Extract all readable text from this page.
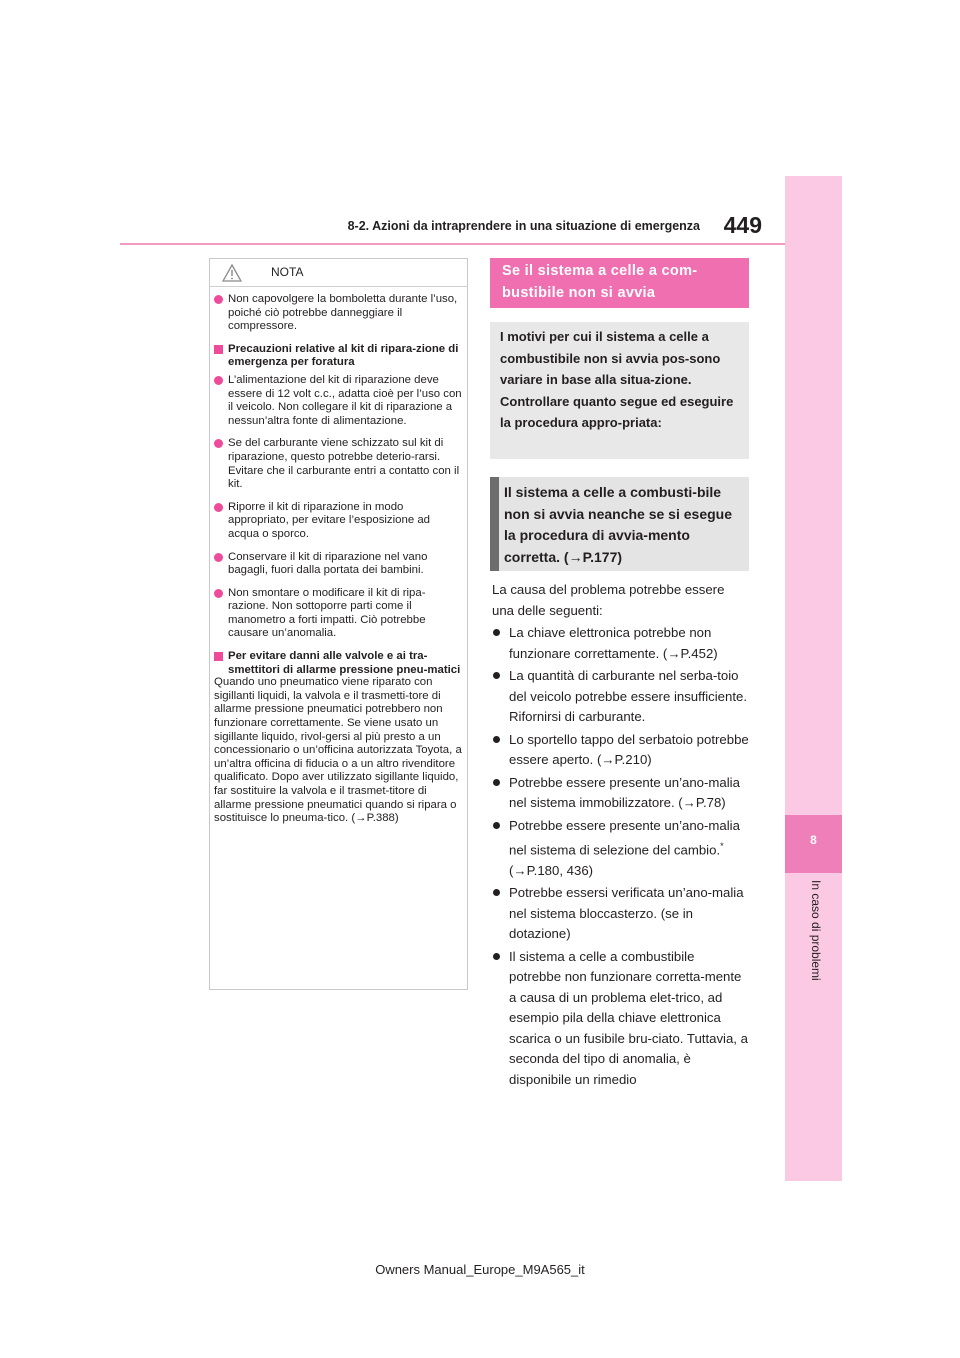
8-2. Azioni da intraprendere in una situazione di emergenza	449
8
In caso di problemi
NOTA
Non capovolgere la bomboletta durante l’uso, poiché ciò potrebbe danneggiare il compressore.
Precauzioni relative al kit di ripara-zione di emergenza per foratura
L’alimentazione del kit di riparazione deve essere di 12 volt c.c., adatta cioè per l’uso con il veicolo. Non collegare il kit di riparazione a nessun’altra fonte di alimentazione.
Se del carburante viene schizzato sul kit di riparazione, questo potrebbe deterio-rarsi. Evitare che il carburante entri a contatto con il kit.
Riporre il kit di riparazione in modo appropriato, per evitare l’esposizione ad acqua o sporco.
Conservare il kit di riparazione nel vano bagagli, fuori dalla portata dei bambini.
Non smontare o modificare il kit di ripa-razione. Non sottoporre parti come il manometro a forti impatti. Ciò potrebbe causare un’anomalia.
Per evitare danni alle valvole e ai tra-smettitori di allarme pressione pneu-matici
Quando uno pneumatico viene riparato con sigillanti liquidi, la valvola e il trasmetti-tore di allarme pressione pneumatici potrebbero non funzionare correttamente. Se viene usato un sigillante liquido, rivol-gersi al più presto a un concessionario o un’officina autorizzata Toyota, a un’altra officina di fiducia o a un altro rivenditore qualificato. Dopo aver utilizzato sigillante liquido, far sostituire la valvola e il trasmet-titore di allarme pressione pneumatici quando si ripara o sostituisce lo pneuma-tico. (→P.388)
Se il sistema a celle a com-bustibile non si avvia
I motivi per cui il sistema a celle a combustibile non si avvia pos-sono variare in base alla situa-zione. Controllare quanto segue ed eseguire la procedura appro-priata:
Il sistema a celle a combusti-bile non si avvia neanche se si esegue la procedura di avvia-mento corretta. (→P.177)
La causa del problema potrebbe essere una delle seguenti:
La chiave elettronica potrebbe non funzionare correttamente. (→P.452)
La quantità di carburante nel serba-toio del veicolo potrebbe essere insufficiente.
Rifornirsi di carburante.
Lo sportello tappo del serbatoio potrebbe essere aperto. (→P.210)
Potrebbe essere presente un’ano-malia nel sistema immobilizzatore. (→P.78)
Potrebbe essere presente un’ano-malia nel sistema di selezione del cambio.* (→P.180, 436)
Potrebbe essersi verificata un’ano-malia nel sistema bloccasterzo. (se in dotazione)
Il sistema a celle a combustibile potrebbe non funzionare corretta-mente a causa di un problema elet-trico, ad esempio pila della chiave elettronica scarica o un fusibile bru-ciato. Tuttavia, a seconda del tipo di anomalia, è disponibile un rimedio
Owners Manual_Europe_M9A565_it
